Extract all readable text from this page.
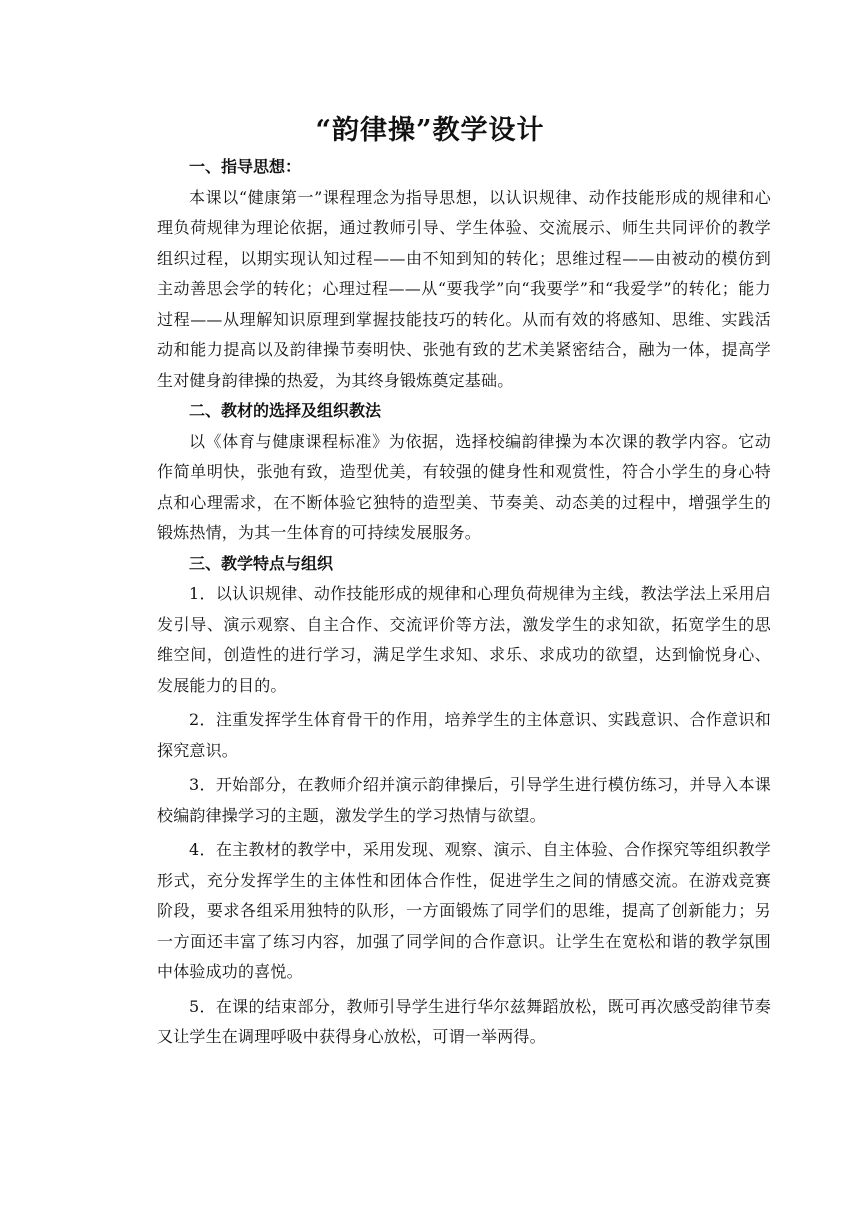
“韵律操”教学设计

一、指导思想：

本课以“健康第一”课程理念为指导思想，以认识规律、动作技能形成的规律和心理负荷规律为理论依据，通过教师引导、学生体验、交流展示、师生共同评价的教学组织过程，以期实现认知过程——由不知到知的转化；思维过程——由被动的模仿到主动善思会学的转化；心理过程——从“要我学”向“我要学”和“我爱学”的转化；能力过程——从理解知识原理到掌握技能技巧的转化。从而有效的将感知、思维、实践活动和能力提高以及韵律操节奏明快、张弛有致的艺术美紧密结合，融为一体，提高学生对健身韵律操的热爱，为其终身锻炼奠定基础。

二、教材的选择及组织教法

以《体育与健康课程标准》为依据，选择校编韵律操为本次课的教学内容。它动作简单明快，张弛有致，造型优美，有较强的健身性和观赏性，符合小学生的身心特点和心理需求，在不断体验它独特的造型美、节奏美、动态美的过程中，增强学生的锻炼热情，为其一生体育的可持续发展服务。

三、教学特点与组织

1．以认识规律、动作技能形成的规律和心理负荷规律为主线，教法学法上采用启发引导、演示观察、自主合作、交流评价等方法，激发学生的求知欲，拓宽学生的思维空间，创造性的进行学习，满足学生求知、求乐、求成功的欲望，达到愉悦身心、发展能力的目的。

2．注重发挥学生体育骨干的作用，培养学生的主体意识、实践意识、合作意识和探究意识。

3．开始部分，在教师介绍并演示韵律操后，引导学生进行模仿练习，并导入本课校编韵律操学习的主题，激发学生的学习热情与欲望。

4．在主教材的教学中，采用发现、观察、演示、自主体验、合作探究等组织教学形式，充分发挥学生的主体性和团体合作性，促进学生之间的情感交流。在游戏竞赛阶段，要求各组采用独特的队形，一方面锻炼了同学们的思维，提高了创新能力；另一方面还丰富了练习内容，加强了同学间的合作意识。让学生在宽松和谐的教学氛围中体验成功的喜悦。

5．在课的结束部分，教师引导学生进行华尔兹舞蹈放松，既可再次感受韵律节奏又让学生在调理呼吸中获得身心放松，可谓一举两得。
